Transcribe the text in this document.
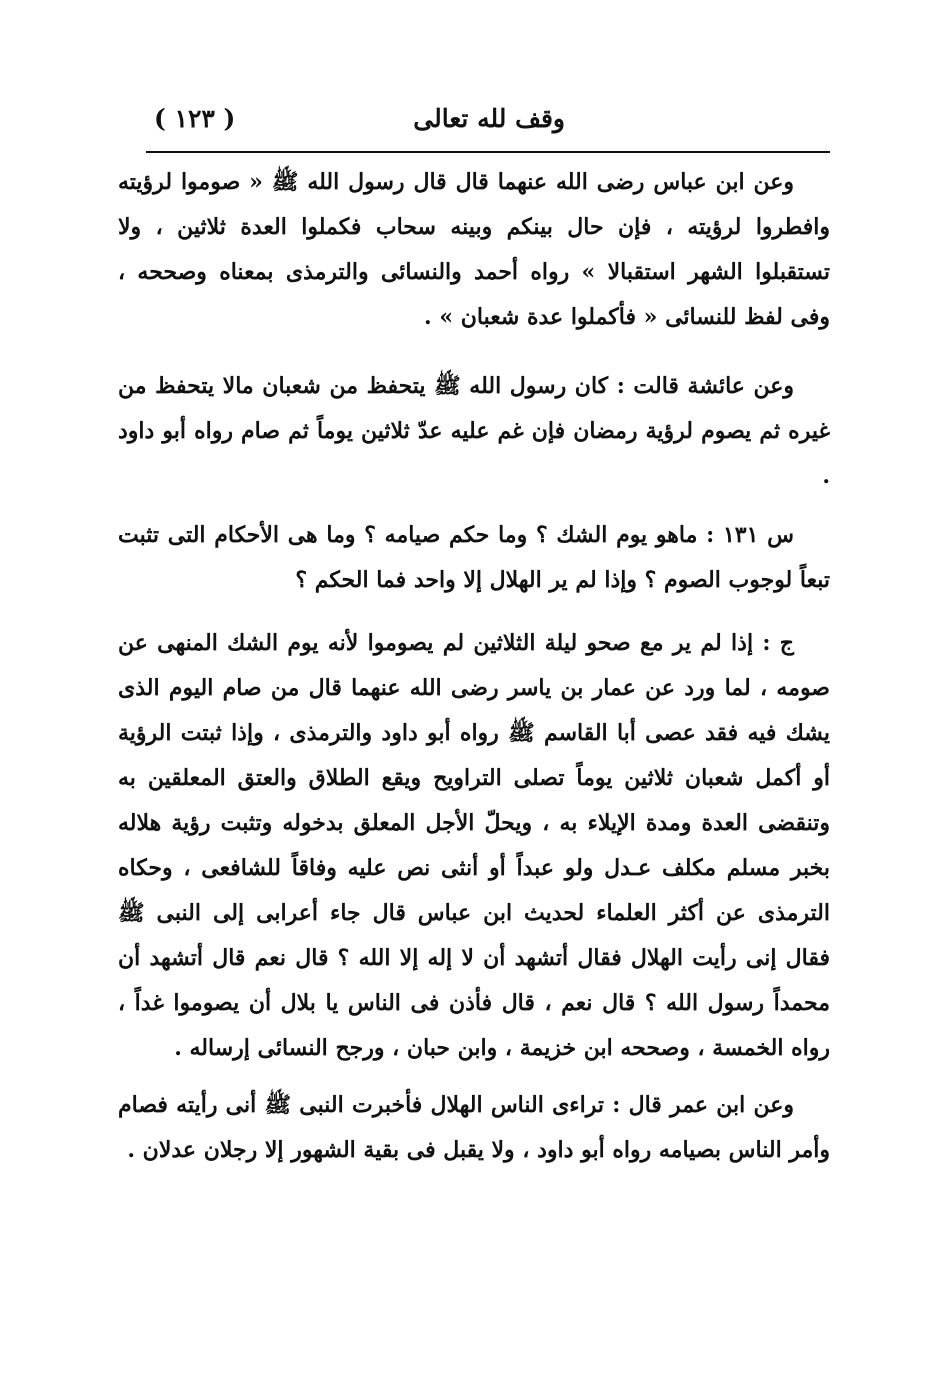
وقف لله تعالى
( ١٢٣ )

وعن ابن عباس رضى الله عنهما قال قال رسول الله ﷺ « صوموا لرؤيته وافطروا لرؤيته ، فإن حال بينكم وبينه سحاب فكملوا العدة ثلاثين ، ولا تستقبلوا الشهر استقبالا » رواه أحمد والنسائى والترمذى بمعناه وصححه ، وفى لفظ للنسائى « فأكملوا عدة شعبان » .

وعن عائشة قالت : كان رسول الله ﷺ يتحفظ من شعبان مالا يتحفظ من غيره ثم يصوم لرؤية رمضان فإن غم عليه عدّ ثلاثين يوماً ثم صام رواه أبو داود .

س ١٣١ : ماهو يوم الشك ؟ وما حكم صيامه ؟ وما هى الأحكام التى تثبت تبعاً لوجوب الصوم ؟ وإذا لم ير الهلال إلا واحد فما الحكم ؟

ج : إذا لم ير مع صحو ليلة الثلاثين لم يصوموا لأنه يوم الشك المنهى عن صومه ، لما ورد عن عمار بن ياسر رضى الله عنهما قال من صام اليوم الذى يشك فيه فقد عصى أبا القاسم ﷺ رواه أبو داود والترمذى ، وإذا ثبتت الرؤية أو أكمل شعبان ثلاثين يوماً تصلى التراويح ويقع الطلاق والعتق المعلقين به وتنقضى العدة ومدة الإيلاء به ، ويحلّ الأجل المعلق بدخوله وتثبت رؤية هلاله بخبر مسلم مكلف عـدل ولو عبداً أو أنثى نص عليه وفاقاً للشافعى ، وحكاه الترمذى عن أكثر العلماء لحديث ابن عباس قال جاء أعرابى إلى النبى ﷺ فقال إنى رأيت الهلال فقال أتشهد أن لا إله إلا الله ؟ قال نعم قال أتشهد أن محمداً رسول الله ؟ قال نعم ، قال فأذن فى الناس يا بلال أن يصوموا غداً ، رواه الخمسة ، وصححه ابن خزيمة ، وابن حبان ، ورجح النسائى إرساله .

وعن ابن عمر قال : تراءى الناس الهلال فأخبرت النبى ﷺ أنى رأيته فصام وأمر الناس بصيامه رواه أبو داود ، ولا يقبل فى بقية الشهور إلا رجلان عدلان .
